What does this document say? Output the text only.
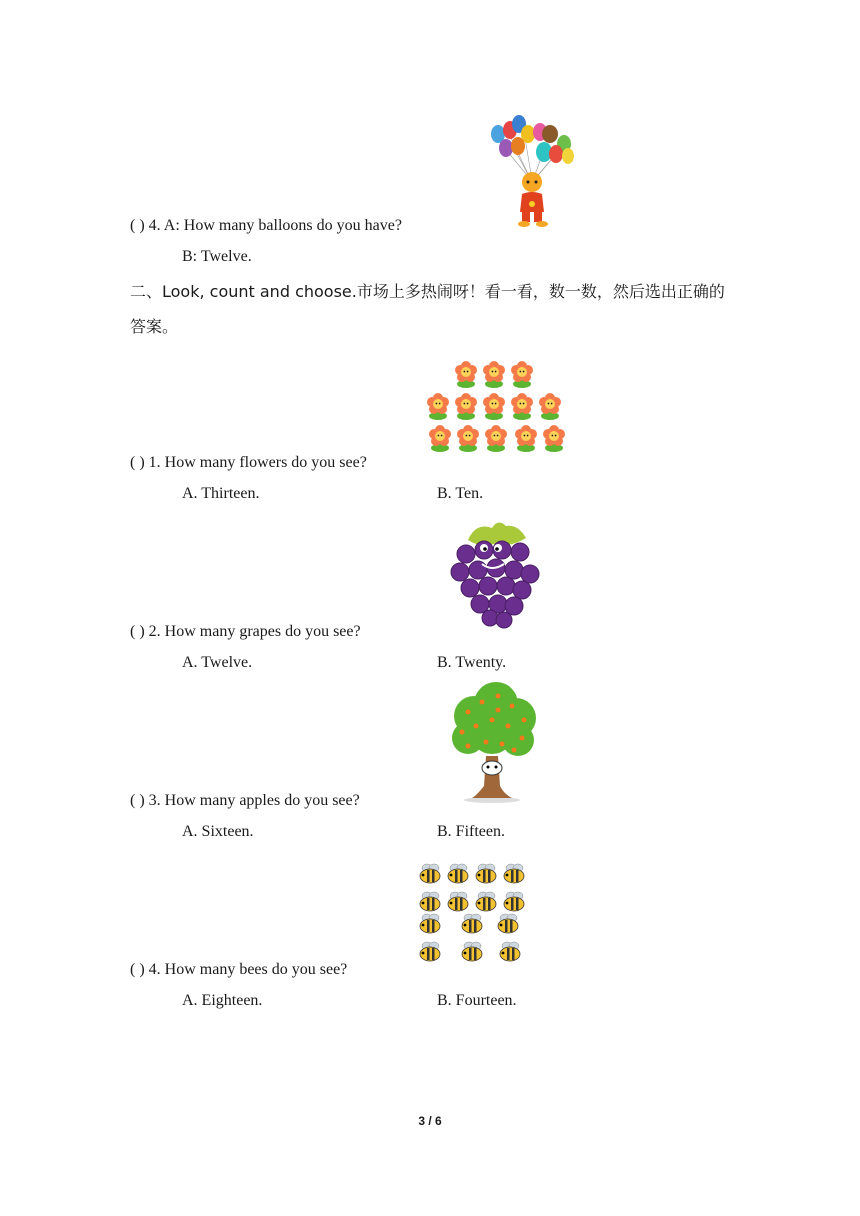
( ) 4. A: How many balloons do you have?
B: Twelve.
二、Look, count and choose.市场上多热闹呀！看一看，数一数，然后选出正确的
答案。
( ) 1. How many flowers do you see?
A. Thirteen.	B. Ten.
( ) 2. How many grapes do you see?
A. Twelve.	B. Twenty.
( ) 3. How many apples do you see?
A. Sixteen.	B. Fifteen.
( ) 4. How many bees do you see?
A. Eighteen.	B. Fourteen.
3 / 6
